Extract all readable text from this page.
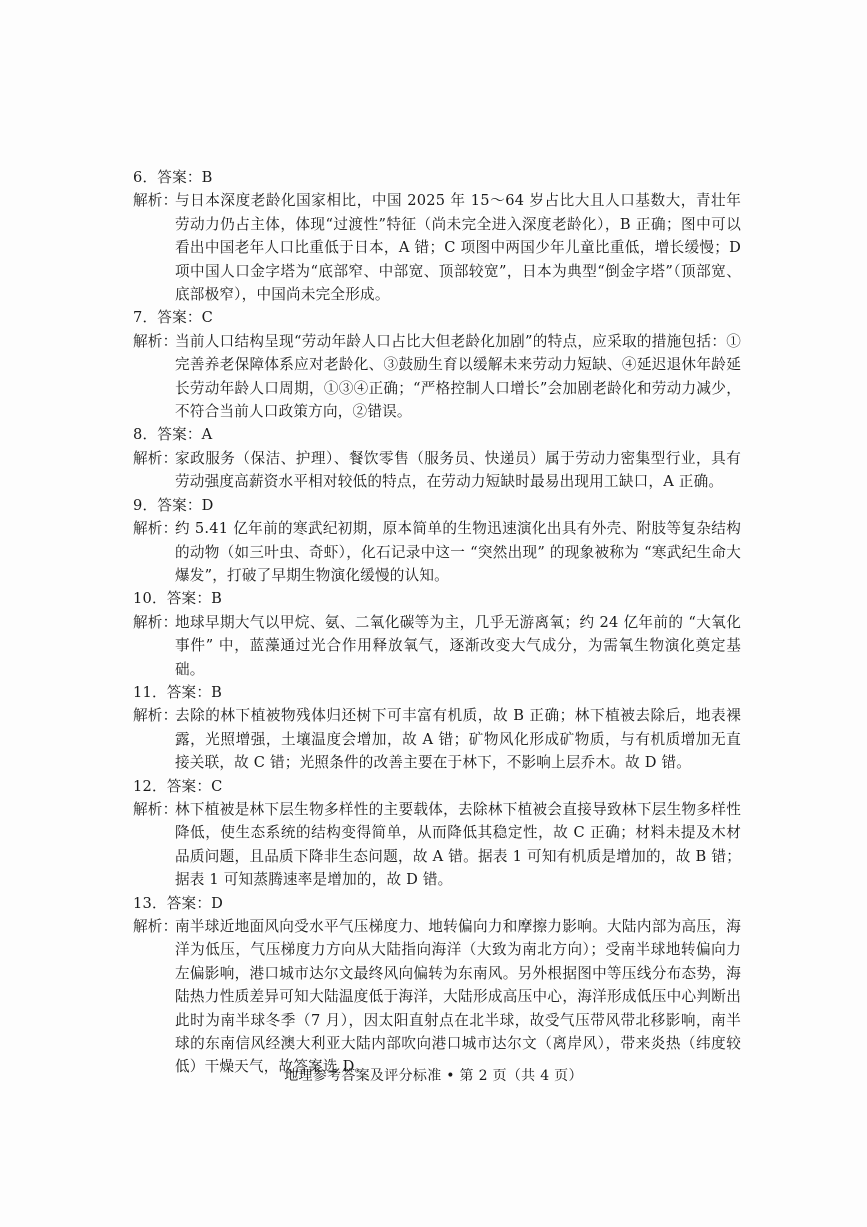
6．答案：B
解析：
与日本深度老龄化国家相比，中国 2025 年 15～64 岁占比大且人口基数大，青壮年劳动力仍占主体，体现“过渡性”特征（尚未完全进入深度老龄化），B 正确；图中可以看出中国老年人口比重低于日本，A 错；C 项图中两国少年儿童比重低，增长缓慢；D 项中国人口金字塔为“底部窄、中部宽、顶部较宽”，日本为典型“倒金字塔”（顶部宽、底部极窄），中国尚未完全形成。
7．答案：C
解析：
当前人口结构呈现“劳动年龄人口占比大但老龄化加剧”的特点，应采取的措施包括：①完善养老保障体系应对老龄化、③鼓励生育以缓解未来劳动力短缺、④延迟退休年龄延长劳动年龄人口周期，①③④正确；“严格控制人口增长”会加剧老龄化和劳动力减少，不符合当前人口政策方向，②错误。
8．答案：A
解析：
家政服务（保洁、护理）、餐饮零售（服务员、快递员）属于劳动力密集型行业，具有劳动强度高薪资水平相对较低的特点，在劳动力短缺时最易出现用工缺口，A 正确。
9．答案：D
解析：
约 5.41 亿年前的寒武纪初期，原本简单的生物迅速演化出具有外壳、附肢等复杂结构的动物（如三叶虫、奇虾），化石记录中这一 “突然出现” 的现象被称为 “寒武纪生命大爆发”，打破了早期生物演化缓慢的认知。
10．答案：B
解析：
地球早期大气以甲烷、氨、二氧化碳等为主，几乎无游离氧；约 24 亿年前的 “大氧化事件” 中，蓝藻通过光合作用释放氧气，逐渐改变大气成分，为需氧生物演化奠定基础。
11．答案：B
解析：
去除的林下植被物残体归还树下可丰富有机质，故 B 正确；林下植被去除后，地表裸露，光照增强，土壤温度会增加，故 A 错；矿物风化形成矿物质，与有机质增加无直接关联，故 C 错；光照条件的改善主要在于林下，不影响上层乔木。故 D 错。
12．答案：C
解析：
林下植被是林下层生物多样性的主要载体，去除林下植被会直接导致林下层生物多样性降低，使生态系统的结构变得简单，从而降低其稳定性，故 C 正确；材料未提及木材品质问题，且品质下降非生态问题，故 A 错。据表 1 可知有机质是增加的，故 B 错；据表 1 可知蒸腾速率是增加的，故 D 错。
13．答案：D
解析：
南半球近地面风向受水平气压梯度力、地转偏向力和摩擦力影响。大陆内部为高压，海洋为低压，气压梯度力方向从大陆指向海洋（大致为南北方向）；受南半球地转偏向力左偏影响，港口城市达尔文最终风向偏转为东南风。另外根据图中等压线分布态势，海陆热力性质差异可知大陆温度低于海洋，大陆形成高压中心，海洋形成低压中心判断出此时为南半球冬季（7 月），因太阳直射点在北半球，故受气压带风带北移影响，南半球的东南信风经澳大利亚大陆内部吹向港口城市达尔文（离岸风），带来炎热（纬度较低）干燥天气，故答案选 D。
地理参考答案及评分标准 • 第 2 页（共 4 页）
